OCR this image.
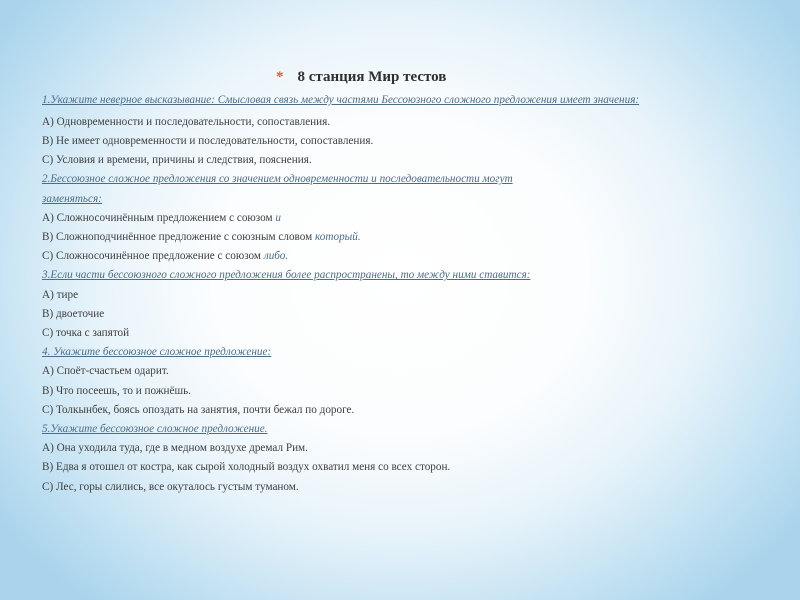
* 8 станция Мир тестов
1.Укажите неверное высказывание: Смысловая связь между частями Бессоюзного сложного предложения имеет значения:
А) Одновременности и последовательности, сопоставления.
В) Не имеет одновременности и последовательности, сопоставления.
С) Условия и времени, причины и следствия, пояснения.
2.Бессоюзное сложное предложения со значением одновременности и последовательности могут
заменяться:
А) Сложносочинённым предложением с союзом и
В) Сложноподчинённое предложение с союзным словом который.
С) Сложносочинённое предложение с союзом либо.
3.Если части бессоюзного сложного предложения более распространены, то между ними ставится:
А) тире
В) двоеточие
С) точка с запятой
4. Укажите бессоюзное сложное предложение:
А) Споёт-счастьем одарит.
В) Что посеешь, то и пожнёшь.
С) Толкынбек, боясь опоздать на занятия, почти бежал по дороге.
5.Укажите бессоюзное сложное предложение.
А) Она уходила туда, где в медном воздухе дремал Рим.
В) Едва я отошел от костра, как сырой холодный воздух охватил меня со всех сторон.
С) Лес, горы слились, все окуталось густым туманом.
